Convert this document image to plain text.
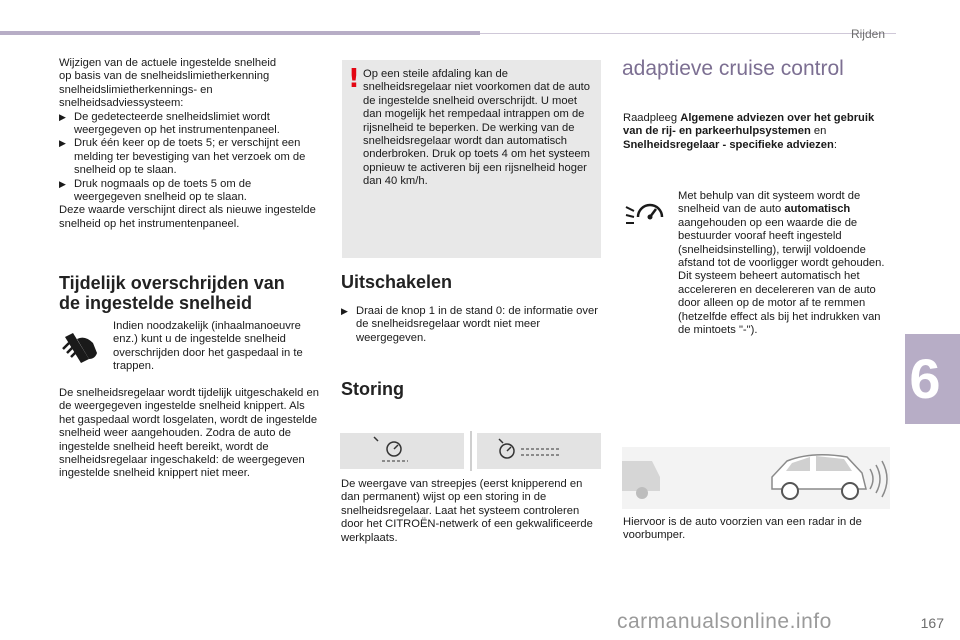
Rijden
6

Wijzigen van de actuele ingestelde snelheid

op basis van de snelheidslimietherkenning

snelheidslimietherkennings- en

snelheidsadviessysteem:

▶ De gedetecteerde snelheidslimiet wordt weergegeven op het instrumentenpaneel.
▶ Druk één keer op de toets 5; er verschijnt een melding ter bevestiging van het verzoek om de snelheid op te slaan.
▶ Druk nogmaals op de toets 5 om de weergegeven snelheid op te slaan.

Deze waarde verschijnt direct als nieuwe ingestelde snelheid op het instrumentenpaneel.

Tijdelijk overschrijden van
de ingestelde snelheid
Indien noodzakelijk (inhaalmanoeuvre enz.) kunt u de ingestelde snelheid overschrijden door het gaspedaal in te trappen.
De snelheidsregelaar wordt tijdelijk uitgeschakeld en de weergegeven ingestelde snelheid knippert. Als het gaspedaal wordt losgelaten, wordt de ingestelde snelheid weer aangehouden. Zodra de auto de ingestelde snelheid heeft bereikt, wordt de snelheidsregelaar ingeschakeld: de weergegeven ingestelde snelheid knippert niet meer.
! Op een steile afdaling kan de snelheidsregelaar niet voorkomen dat de auto de ingestelde snelheid overschrijdt. U moet dan mogelijk het rempedaal intrappen om de rijsnelheid te beperken. De werking van de snelheidsregelaar wordt dan automatisch onderbroken. Druk op toets 4 om het systeem opnieuw te activeren bij een rijsnelheid hoger dan 40 km/h.
Uitschakelen
▶ Draai de knop 1 in de stand 0: de informatie over de snelheidsregelaar wordt niet meer weergegeven.
Storing
De weergave van streepjes (eerst knipperend en dan permanent) wijst op een storing in de snelheidsregelaar. Laat het systeem controleren door het CITROËN-netwerk of een gekwalificeerde werkplaats.
adaptieve cruise control
Raadpleeg Algemene adviezen over het gebruik van de rij- en parkeerhulpsystemen en Snelheidsregelaar - specifieke adviezen:
Met behulp van dit systeem wordt de snelheid van de auto automatisch aangehouden op een waarde die de bestuurder vooraf heeft ingesteld (snelheidsinstelling), terwijl voldoende afstand tot de voorligger wordt gehouden. Dit systeem beheert automatisch het accelereren en decelereren van de auto door alleen op de motor af te remmen (hetzelfde effect als bij het indrukken van de mintoets "-").
Hiervoor is de auto voorzien van een radar in de voorbumper.
carmanualsonline.info	167
